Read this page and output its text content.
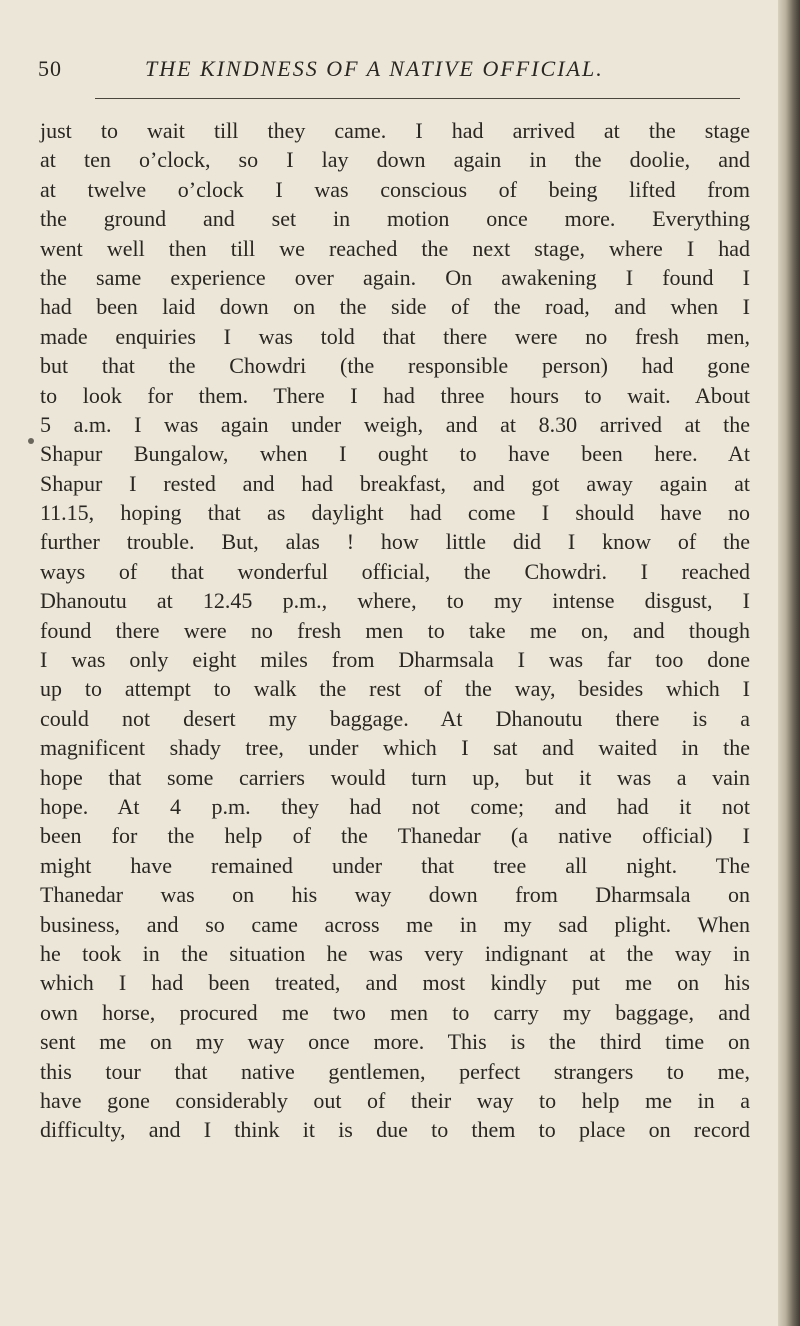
50	THE KINDNESS OF A NATIVE OFFICIAL.
just to wait till they came. I had arrived at the stage
at ten o’clock, so I lay down again in the doolie, and
at twelve o’clock I was conscious of being lifted from
the ground and set in motion once more. Everything
went well then till we reached the next stage, where I had
the same experience over again. On awakening I found I
had been laid down on the side of the road, and when I
made enquiries I was told that there were no fresh men,
but that the Chowdri (the responsible person) had gone
to look for them. There I had three hours to wait. About
5 a.m. I was again under weigh, and at 8.30 arrived at the
Shapur Bungalow, when I ought to have been here. At
Shapur I rested and had breakfast, and got away again at
11.15, hoping that as daylight had come I should have no
further trouble. But, alas ! how little did I know of the
ways of that wonderful official, the Chowdri. I reached
Dhanoutu at 12.45 p.m., where, to my intense disgust, I
found there were no fresh men to take me on, and though
I was only eight miles from Dharmsala I was far too done
up to attempt to walk the rest of the way, besides which I
could not desert my baggage. At Dhanoutu there is a
magnificent shady tree, under which I sat and waited in the
hope that some carriers would turn up, but it was a vain
hope. At 4 p.m. they had not come; and had it not
been for the help of the Thanedar (a native official) I
might have remained under that tree all night. The
Thanedar was on his way down from Dharmsala on
business, and so came across me in my sad plight. When
he took in the situation he was very indignant at the way in
which I had been treated, and most kindly put me on his
own horse, procured me two men to carry my baggage, and
sent me on my way once more. This is the third time on
this tour that native gentlemen, perfect strangers to me,
have gone considerably out of their way to help me in a
difficulty, and I think it is due to them to place on record
